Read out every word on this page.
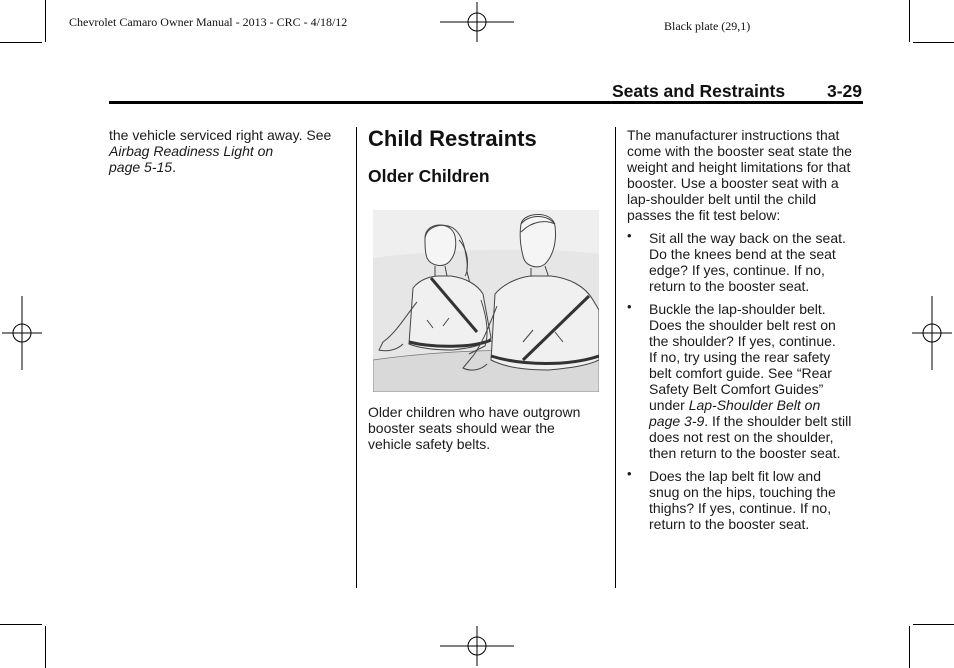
Chevrolet Camaro Owner Manual - 2013 - CRC - 4/18/12	Black plate (29,1)
Seats and Restraints 3-29
the vehicle serviced right away. See
Airbag Readiness Light on
page 5-15.
Child Restraints
Older Children
Older children who have outgrown
booster seats should wear the
vehicle safety belts.
The manufacturer instructions that
come with the booster seat state the
weight and height limitations for that
booster. Use a booster seat with a
lap-shoulder belt until the child
passes the fit test below:
• Sit all the way back on the seat.
Do the knees bend at the seat
edge? If yes, continue. If no,
return to the booster seat.
• Buckle the lap-shoulder belt.
Does the shoulder belt rest on
the shoulder? If yes, continue.
If no, try using the rear safety
belt comfort guide. See “Rear
Safety Belt Comfort Guides”
under Lap-Shoulder Belt on
page 3-9. If the shoulder belt still
does not rest on the shoulder,
then return to the booster seat.
• Does the lap belt fit low and
snug on the hips, touching the
thighs? If yes, continue. If no,
return to the booster seat.
